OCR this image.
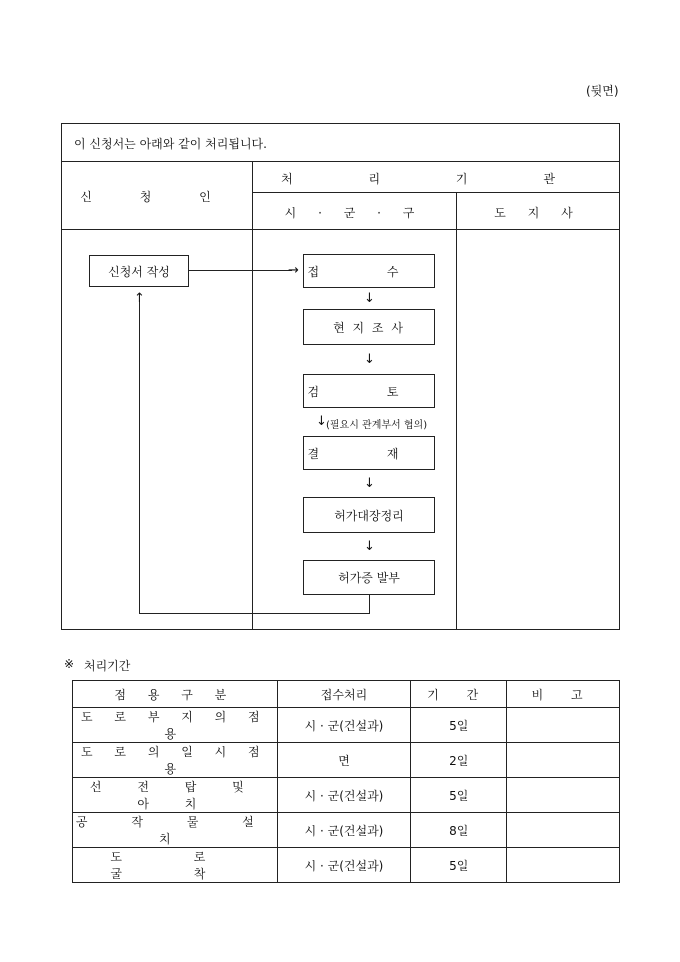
(뒷면)
이 신청서는 아래와 같이 처리됩니다.
신 청 인
처 리 기 관
시 · 군 · 구	도 지 사
신청서 작성	→
↑
접 수
↓
현 지 조 사
↓
검 토
↓ (필요시 관계부서 협의)
결 재
↓
허가대장정리
↓
허가증 발부
※ 처리기간
점 용 구 분	접수처리	기 간	비 고
도 로 부 지 의 점 용	시 · 군(건설과)	5일	
도 로 의 일 시 점 용	면	2일	
선 전 탑 및 아 치	시 · 군(건설과)	5일	
공 작 물 설 치	시 · 군(건설과)	8일	
도 로 굴 착	시 · 군(건설과)	5일	
